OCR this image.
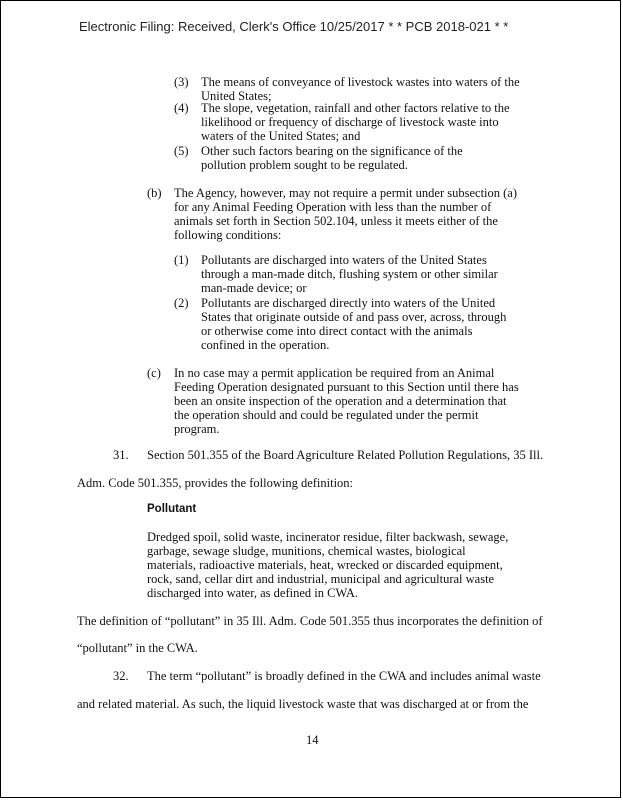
Electronic Filing: Received, Clerk's Office 10/25/2017 * * PCB 2018-021 * *
(3) The means of conveyance of livestock wastes into waters of the United States;
(4) The slope, vegetation, rainfall and other factors relative to the likelihood or frequency of discharge of livestock waste into waters of the United States; and
(5) Other such factors bearing on the significance of the pollution problem sought to be regulated.
(b) The Agency, however, may not require a permit under subsection (a) for any Animal Feeding Operation with less than the number of animals set forth in Section 502.104, unless it meets either of the following conditions:
(1) Pollutants are discharged into waters of the United States through a man-made ditch, flushing system or other similar man-made device; or
(2) Pollutants are discharged directly into waters of the United States that originate outside of and pass over, across, through or otherwise come into direct contact with the animals confined in the operation.
(c) In no case may a permit application be required from an Animal Feeding Operation designated pursuant to this Section until there has been an onsite inspection of the operation and a determination that the operation should and could be regulated under the permit program.
31. Section 501.355 of the Board Agriculture Related Pollution Regulations, 35 Ill.
Adm. Code 501.355, provides the following definition:
Pollutant
Dredged spoil, solid waste, incinerator residue, filter backwash, sewage, garbage, sewage sludge, munitions, chemical wastes, biological materials, radioactive materials, heat, wrecked or discarded equipment, rock, sand, cellar dirt and industrial, municipal and agricultural waste discharged into water, as defined in CWA.
The definition of “pollutant” in 35 Ill. Adm. Code 501.355 thus incorporates the definition of
“pollutant” in the CWA.
32. The term “pollutant” is broadly defined in the CWA and includes animal waste
and related material. As such, the liquid livestock waste that was discharged at or from the
14
